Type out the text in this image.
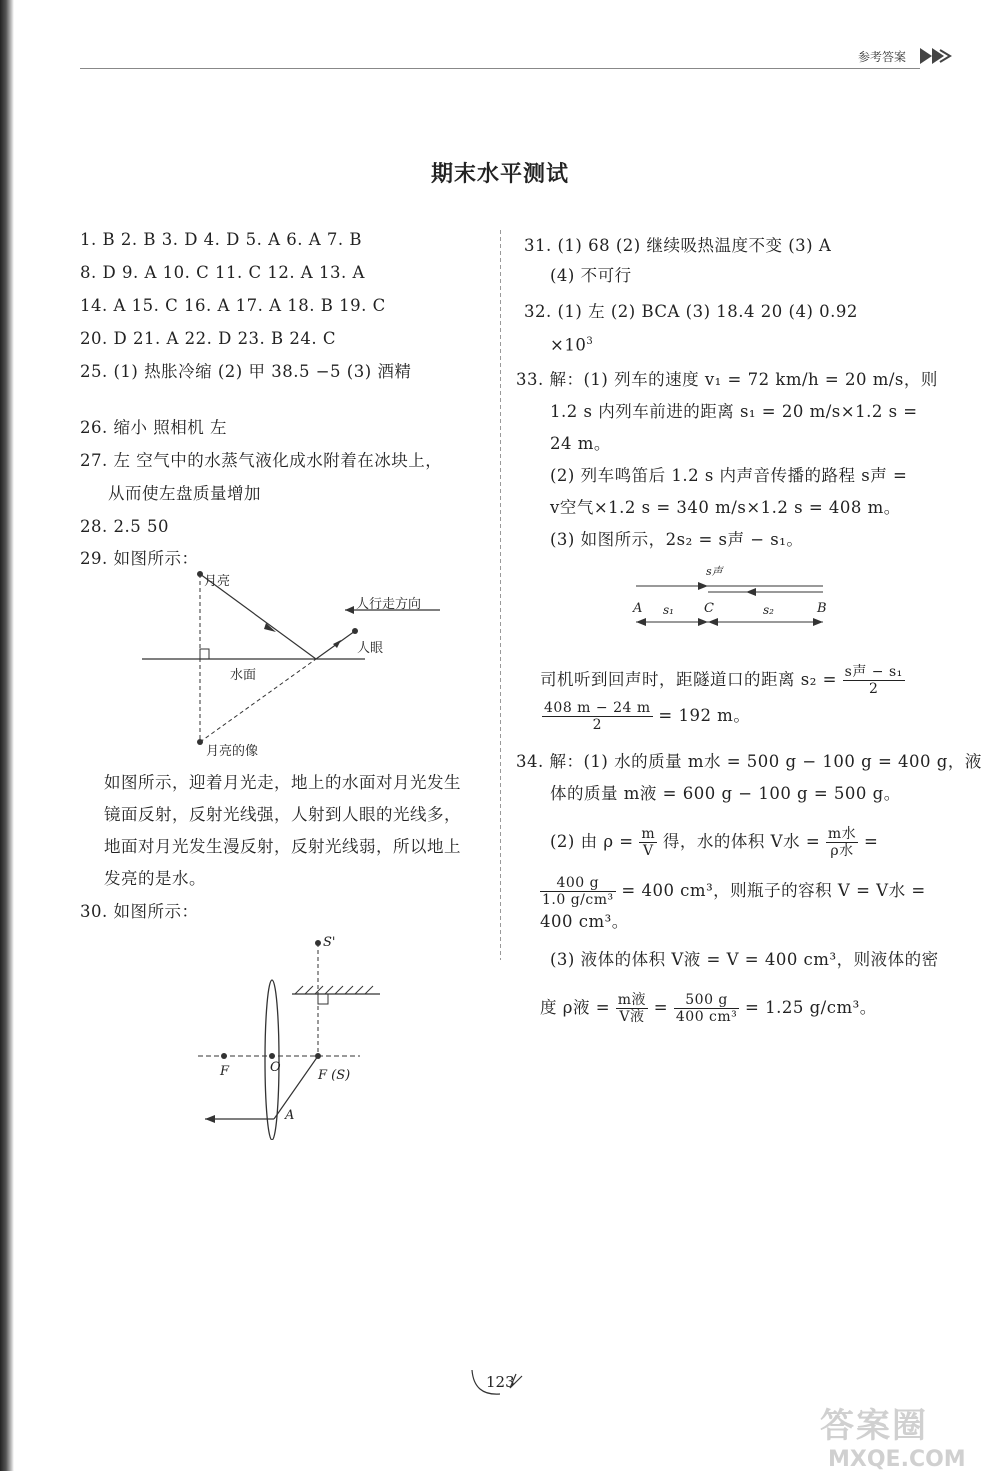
参考答案
期末水平测试
1. B 2. B 3. D 4. D 5. A 6. A 7. B
8. D 9. A 10. C 11. C 12. A 13. A
14. A 15. C 16. A 17. A 18. B 19. C
20. D 21. A 22. D 23. B 24. C
25. (1) 热胀冷缩 (2) 甲 38.5 −5 (3) 酒精
26. 缩小 照相机 左
27. 左 空气中的水蒸气液化成水附着在冰块上，
从而使左盘质量增加
28. 2.5 50
29. 如图所示：
月亮
人行走方向
人眼
水面
月亮的像
如图所示，迎着月光走，地上的水面对月光发生
镜面反射，反射光线强，人射到人眼的光线多，
地面对月光发生漫反射，反射光线弱，所以地上
发亮的是水。
30. 如图所示：
S'
F	O
F (S)
A
31. (1) 68 (2) 继续吸热温度不变 (3) A
(4) 不可行
32. (1) 左 (2) BCA (3) 18.4 20 (4) 0.92
$\times 10^3$
33. 解：(1) 列车的速度 v₁ = 72 km/h = 20 m/s，则
1.2 s 内列车前进的距离 s₁ = 20 m/s×1.2 s =
24 m。
(2) 列车鸣笛后 1.2 s 内声音传播的路程 s声 =
v空气×1.2 s = 340 m/s×1.2 s = 408 m。
(3) 如图所示，2s₂ = s声 − s₁。
s声
A s₁ C	s₂	B
司机听到回声时，距隧道口的距离 $s_2 = \frac{\text{s声 − s₁}}{2}$
$\frac{408 m - 24 m}{2} = 192$ m。
34. 解：(1) 水的质量 m水 = 500 g − 100 g = 400 g，液
体的质量 m液 = 600 g − 100 g = 500 g。
(2) 由 $\rho = \frac{m}{V}$ 得，水的体积 V水 = $\frac{\text{m水}}{\text{ρ水}}$ =
$\frac{400 g}{\text{1.0 g/cm³}} = 400$ cm³，则瓶子的容积 V = V水 =
400 cm³。
(3) 液体的体积 V液 = V = 400 cm³，则液体的密
度 ρ液 = $\frac{\text{m液}}{\text{V液}} = \frac{500 g}{\text{400 cm³}} = 1.25$ g/cm³。
123
答案圈
MXQE.COM
